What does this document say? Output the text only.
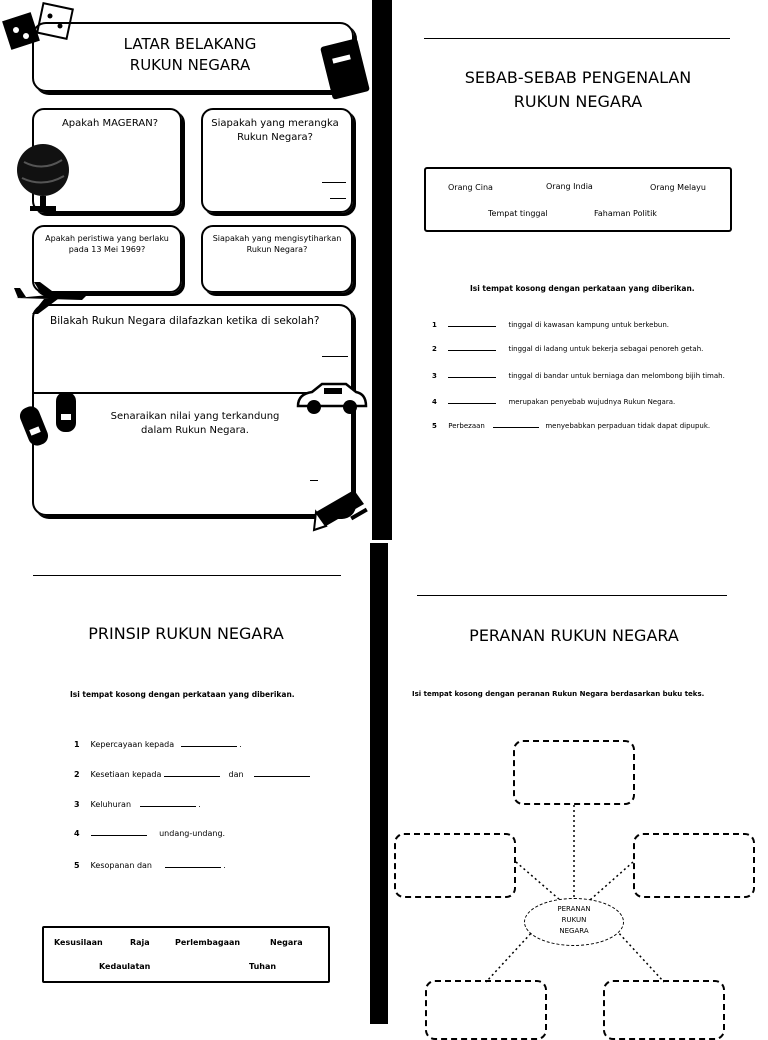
LATAR BELAKANG
RUKUN NEGARA
Apakah MAGERAN?	Siapakah yang merangka Rukun Negara?
Apakah peristiwa yang berlaku pada 13 Mei 1969?
Siapakah yang mengisytiharkan Rukun Negara?
Bilakah Rukun Negara dilafazkan ketika di sekolah?
Senaraikan nilai yang terkandung
dalam Rukun Negara.
SEBAB-SEBAB PENGENALAN
RUKUN NEGARA
Orang Cina	Orang India	Orang Melayu
Tempat tinggal	Fahaman Politik
Isi tempat kosong dengan perkataan yang diberikan.
1	tinggal di kawasan kampung untuk berkebun.
2	tinggal di ladang untuk bekerja sebagai penoreh getah.
3	tinggal di bandar untuk berniaga dan melombong bijih timah.
4	merupakan penyebab wujudnya Rukun Negara.
5 Perbezaan	menyebabkan perpaduan tidak dapat dipupuk.
PRINSIP RUKUN NEGARA
Isi tempat kosong dengan perkataan yang diberikan.
1 Kepercayaan kepada	.
2 Kesetiaan kepada	dan
3 Keluhuran	.
4	undang-undang.
5 Kesopanan dan	.
Kesusilaan	Raja	Perlembagaan	Negara
Kedaulatan	Tuhan
PERANAN RUKUN NEGARA
Isi tempat kosong dengan peranan Rukun Negara berdasarkan buku teks.
PERANAN
RUKUN
NEGARA
